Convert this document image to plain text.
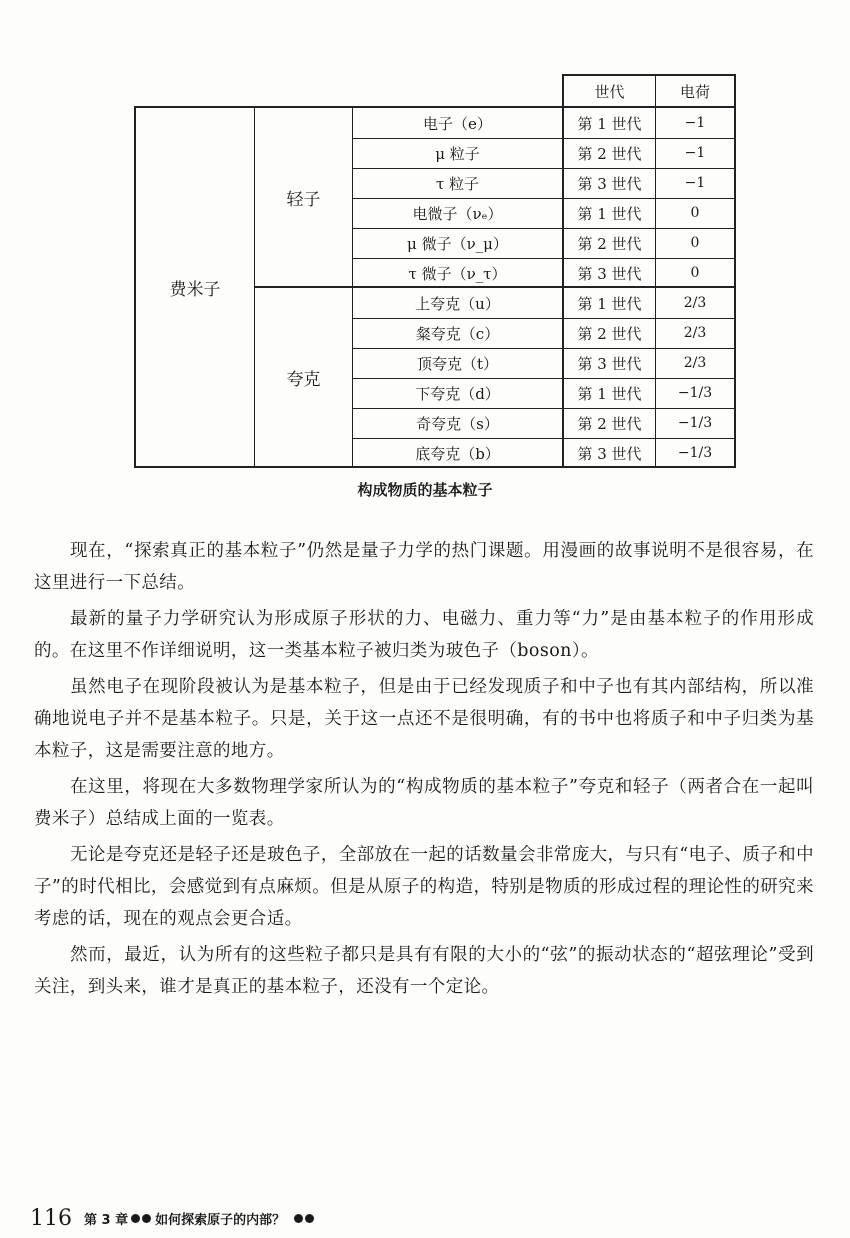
世代	电荷
费米子
轻子
夸克
电子（e）	第 1 世代	−1
μ 粒子	第 2 世代	−1
τ 粒子	第 3 世代	−1
电微子（νₑ）	第 1 世代	0
μ 微子（ν_μ）	第 2 世代	0
τ 微子（ν_τ）	第 3 世代	0
上夸克（u）	第 1 世代	2/3
粲夸克（c）	第 2 世代	2/3
顶夸克（t）	第 3 世代	2/3
下夸克（d）	第 1 世代	−1/3
奇夸克（s）	第 2 世代	−1/3
底夸克（b）	第 3 世代	−1/3
构成物质的基本粒子

现在，“探索真正的基本粒子”仍然是量子力学的热门课题。用漫画的故事说明不是很容易，在这里进行一下总结。

最新的量子力学研究认为形成原子形状的力、电磁力、重力等“力”是由基本粒子的作用形成的。在这里不作详细说明，这一类基本粒子被归类为玻色子（boson）。

虽然电子在现阶段被认为是基本粒子，但是由于已经发现质子和中子也有其内部结构，所以准确地说电子并不是基本粒子。只是，关于这一点还不是很明确，有的书中也将质子和中子归类为基本粒子，这是需要注意的地方。

在这里，将现在大多数物理学家所认为的“构成物质的基本粒子”夸克和轻子（两者合在一起叫费米子）总结成上面的一览表。

无论是夸克还是轻子还是玻色子，全部放在一起的话数量会非常庞大，与只有“电子、质子和中子”的时代相比，会感觉到有点麻烦。但是从原子的构造，特别是物质的形成过程的理论性的研究来考虑的话，现在的观点会更合适。

然而，最近，认为所有的这些粒子都只是具有有限的大小的“弦”的振动状态的“超弦理论”受到关注，到头来，谁才是真正的基本粒子，还没有一个定论。

116 第 3 章 如何探索原子的内部？
